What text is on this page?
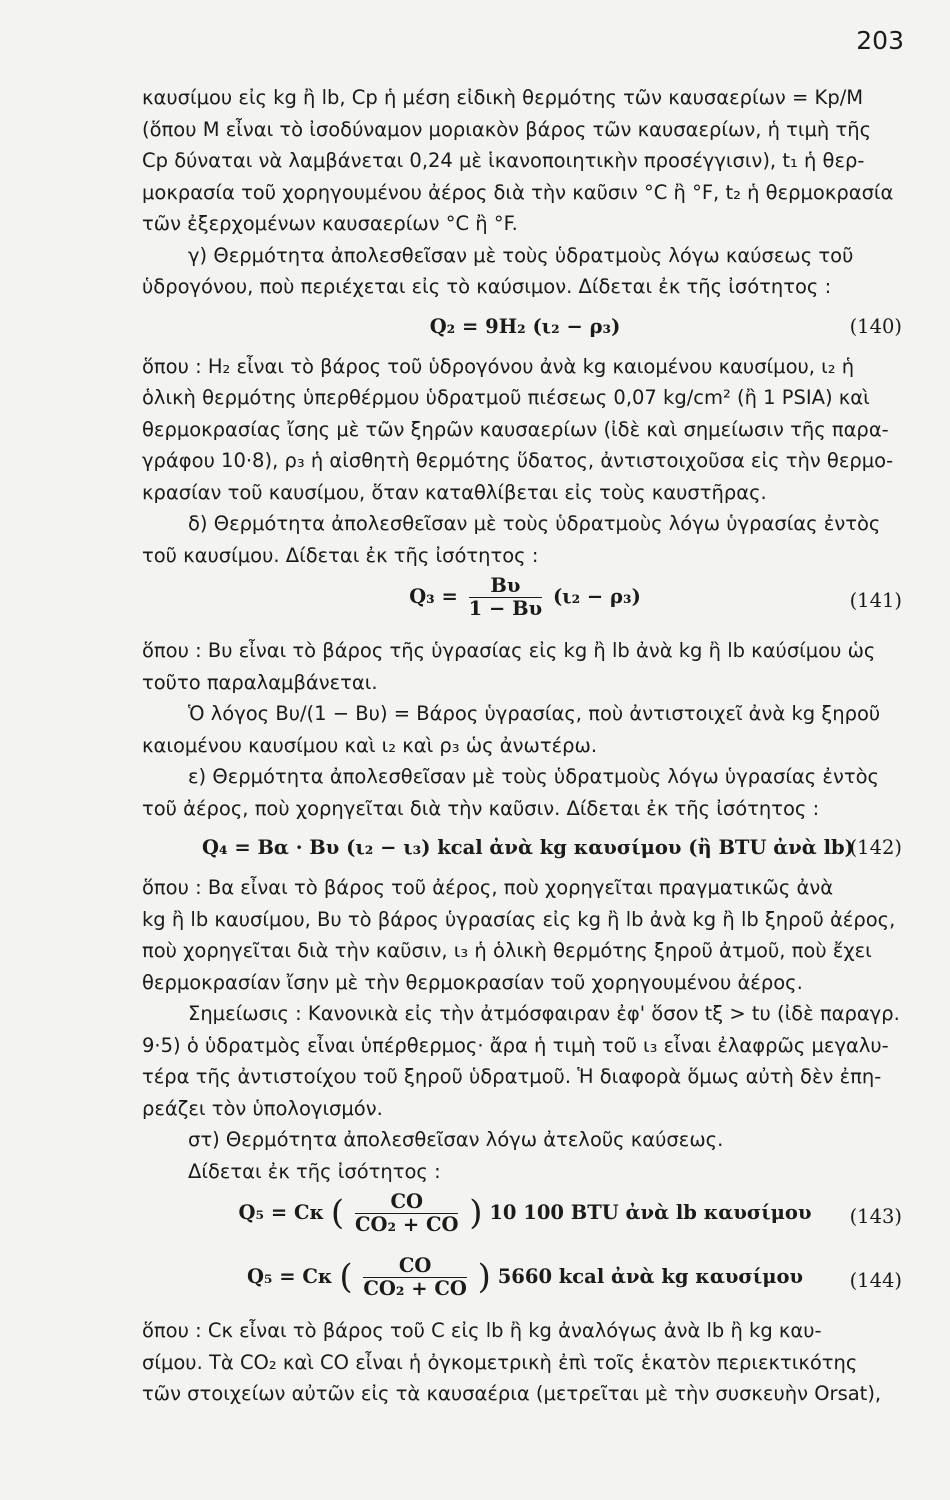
203
καυσίμου εἰς kg ἢ lb, Cp ἡ μέση εἰδικὴ θερμότης τῶν καυσαερίων = Kp/M
(ὅπου M εἶναι τὸ ἰσοδύναμον μοριακὸν βάρος τῶν καυσαερίων, ἡ τιμὴ τῆς
Cp δύναται νὰ λαμβάνεται 0,24 μὲ ἱκανοποιητικὴν προσέγγισιν), t₁ ἡ θερ-
μοκρασία τοῦ χορηγουμένου ἀέρος διὰ τὴν καῦσιν °C ἢ °F, t₂ ἡ θερμοκρασία
τῶν ἐξερχομένων καυσαερίων °C ἢ °F.
γ) Θερμότητα ἀπολεσθεῖσαν μὲ τοὺς ὑδρατμοὺς λόγω καύσεως τοῦ
ὑδρογόνου, ποὺ περιέχεται εἰς τὸ καύσιμον. Δίδεται ἐκ τῆς ἰσότητος :
Q₂ = 9H₂ (ι₂ − ρ₃)	(140)
ὅπου : H₂ εἶναι τὸ βάρος τοῦ ὑδρογόνου ἀνὰ kg καιομένου καυσίμου, ι₂ ἡ
ὁλικὴ θερμότης ὑπερθέρμου ὑδρατμοῦ πιέσεως 0,07 kg/cm² (ἢ 1 PSIA) καὶ
θερμοκρασίας ἴσης μὲ τῶν ξηρῶν καυσαερίων (ἰδὲ καὶ σημείωσιν τῆς παρα-
γράφου 10·8), ρ₃ ἡ αἰσθητὴ θερμότης ὕδατος, ἀντιστοιχοῦσα εἰς τὴν θερμο-
κρασίαν τοῦ καυσίμου, ὅταν καταθλίβεται εἰς τοὺς καυστῆρας.
δ) Θερμότητα ἀπολεσθεῖσαν μὲ τοὺς ὑδρατμοὺς λόγω ὑγρασίας ἐντὸς
τοῦ καυσίμου. Δίδεται ἐκ τῆς ἰσότητος :
$Q_3 = \frac{B\upsilon}{1 - B\upsilon} (\iota_2 - \rho_3)$	(141)
ὅπου : Bυ εἶναι τὸ βάρος τῆς ὑγρασίας εἰς kg ἢ lb ἀνὰ kg ἢ lb καύσίμου ὡς
τοῦτο παραλαμβάνεται.
Ὁ λόγος Bυ/(1 − Bυ) = Βάρος ὑγρασίας, ποὺ ἀντιστοιχεῖ ἀνὰ kg ξηροῦ
καιομένου καυσίμου καὶ ι₂ καὶ ρ₃ ὡς ἀνωτέρω.
ε) Θερμότητα ἀπολεσθεῖσαν μὲ τοὺς ὑδρατμοὺς λόγω ὑγρασίας ἐντὸς
τοῦ ἀέρος, ποὺ χορηγεῖται διὰ τὴν καῦσιν. Δίδεται ἐκ τῆς ἰσότητος :
Q₄ = Bα · Bυ (ι₂ − ι₃) kcal ἀνὰ kg καυσίμου (ἢ BTU ἀνὰ lb)
(142)
ὅπου : Bα εἶναι τὸ βάρος τοῦ ἀέρος, ποὺ χορηγεῖται πραγματικῶς ἀνὰ
kg ἢ lb καυσίμου, Bυ τὸ βάρος ὑγρασίας εἰς kg ἢ lb ἀνὰ kg ἢ lb ξηροῦ ἀέρος,
ποὺ χορηγεῖται διὰ τὴν καῦσιν, ι₃ ἡ ὁλικὴ θερμότης ξηροῦ ἀτμοῦ, ποὺ ἔχει
θερμοκρασίαν ἴσην μὲ τὴν θερμοκρασίαν τοῦ χορηγουμένου ἀέρος.
Σημείωσις : Κανονικὰ εἰς τὴν ἀτμόσφαιραν ἐφ' ὅσον tξ > tυ (ἰδὲ παραγρ.
9·5) ὁ ὑδρατμὸς εἶναι ὑπέρθερμος· ἄρα ἡ τιμὴ τοῦ ι₃ εἶναι ἐλαφρῶς μεγαλυ-
τέρα τῆς ἀντιστοίχου τοῦ ξηροῦ ὑδρατμοῦ. Ἡ διαφορὰ ὅμως αὐτὴ δὲν ἐπη-
ρεάζει τὸν ὑπολογισμόν.
στ) Θερμότητα ἀπολεσθεῖσαν λόγω ἀτελοῦς καύσεως.
Δίδεται ἐκ τῆς ἰσότητος :
Q₅ = Cκ ( $\frac{CO}{\text{CO₂ + CO}}$ ) 10 100 BTU ἀνὰ lb καυσίμου	(143)
Q₅ = Cκ ( $\frac{CO}{\text{CO₂ + CO}}$ ) 5660 kcal ἀνὰ kg καυσίμου	(144)
ὅπου : Cκ εἶναι τὸ βάρος τοῦ C εἰς lb ἢ kg ἀναλόγως ἀνὰ lb ἢ kg καυ-
σίμου. Τὰ CO₂ καὶ CO εἶναι ἡ ὀγκομετρικὴ ἐπὶ τοῖς ἑκατὸν περιεκτικότης
τῶν στοιχείων αὐτῶν εἰς τὰ καυσαέρια (μετρεῖται μὲ τὴν συσκευὴν Orsat),
